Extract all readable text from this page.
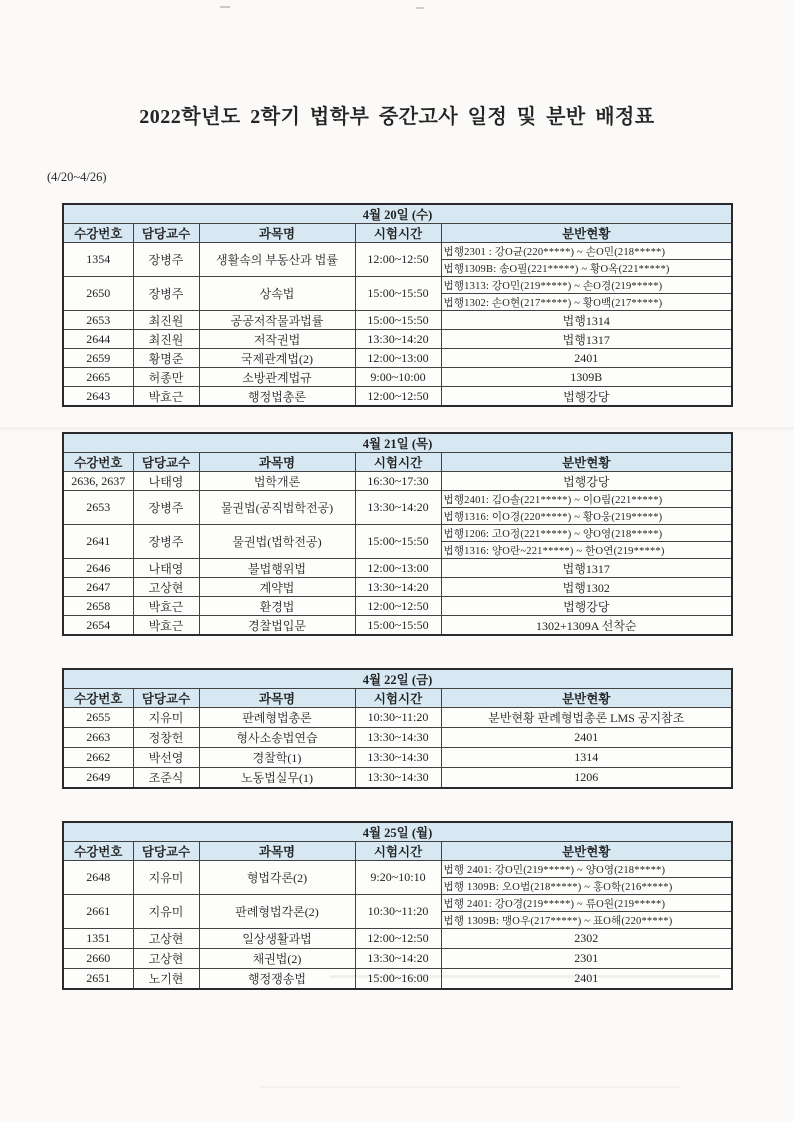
2022학년도 2학기 법학부 중간고사 일정 및 분반 배정표
(4/20~4/26)
4월 20일 (수)				
수강번호	담당교수	과목명	시험시간	분반현황
1354	장병주	생활속의 부동산과 법률	12:00~12:50	법행2301 : 강O균(220*****) ~ 손O민(218*****)
				법행1309B: 송O필(221*****) ~ 황O옥(221*****)
2650	장병주	상속법	15:00~15:50	법행1313: 강O민(219*****) ~ 손O경(219*****)
				법행1302: 손O현(217*****) ~ 황O백(217*****)
2653	최진원	공공저작물과법률	15:00~15:50	법행1314
2644	최진원	저작권법	13:30~14:20	법행1317
2659	황명준	국제관계법(2)	12:00~13:00	2401
2665	허종만	소방관계법규	9:00~10:00	1309B
2643	박효근	행정법총론	12:00~12:50	법행강당
4월 21일 (목)				
수강번호	담당교수	과목명	시험시간	분반현황
2636, 2637	나태영	법학개론	16:30~17:30	법행강당
2653	장병주	물권법(공직법학전공)	13:30~14:20	법행2401: 김O솔(221*****) ~ 이O림(221*****)
				법행1316: 이O경(220*****) ~ 황O웅(219*****)
2641	장병주	물권법(법학전공)	15:00~15:50	법행1206: 고O정(221*****) ~ 양O영(218*****)
				법행1316: 양O란~221*****) ~ 한O연(219*****)
2646	나태영	불법행위법	12:00~13:00	법행1317
2647	고상현	계약법	13:30~14:20	법행1302
2658	박효근	환경법	12:00~12:50	법행강당
2654	박효근	경찰법입문	15:00~15:50	1302+1309A 선착순
4월 22일 (금)				
수강번호	담당교수	과목명	시험시간	분반현황
2655	지유미	판례형법총론	10:30~11:20	분반현황 판례형법총론 LMS 공지참조
2663	정창헌	형사소송법연습	13:30~14:30	2401
2662	박선영	경찰학(1)	13:30~14:30	1314
2649	조준식	노동법실무(1)	13:30~14:30	1206
4월 25일 (월)				
수강번호	담당교수	과목명	시험시간	분반현황
2648	지유미	형법각론(2)	9:20~10:10	법행 2401: 강O민(219*****) ~ 양O영(218*****)
				법행 1309B: 오O범(218*****) ~ 홍O학(216*****)
2661	지유미	판례형법각론(2)	10:30~11:20	법행 2401: 강O경(219*****) ~ 류O원(219*****)
				법행 1309B: 맹O우(217*****) ~ 표O해(220*****)
1351	고상현	일상생활과법	12:00~12:50	2302
2660	고상현	채권법(2)	13:30~14:20	2301
2651	노기현	행정쟁송법	15:00~16:00	2401
